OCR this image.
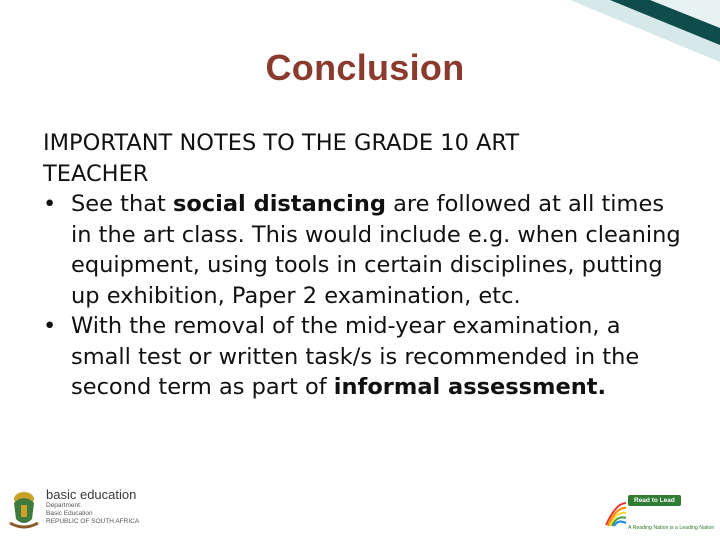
Conclusion
IMPORTANT NOTES TO THE GRADE 10 ART
TEACHER
• See that social distancing are followed at all times in the art class. This would include e.g. when cleaning equipment, using tools in certain disciplines, putting up exhibition, Paper 2 examination, etc.
• With the removal of the mid-year examination, a small test or written task/s is recommended in the second term as part of informal assessment.
basic education
Department:
Basic Education
REPUBLIC OF SOUTH AFRICA
Read to Lead
A Reading Nation is a Leading Nation
